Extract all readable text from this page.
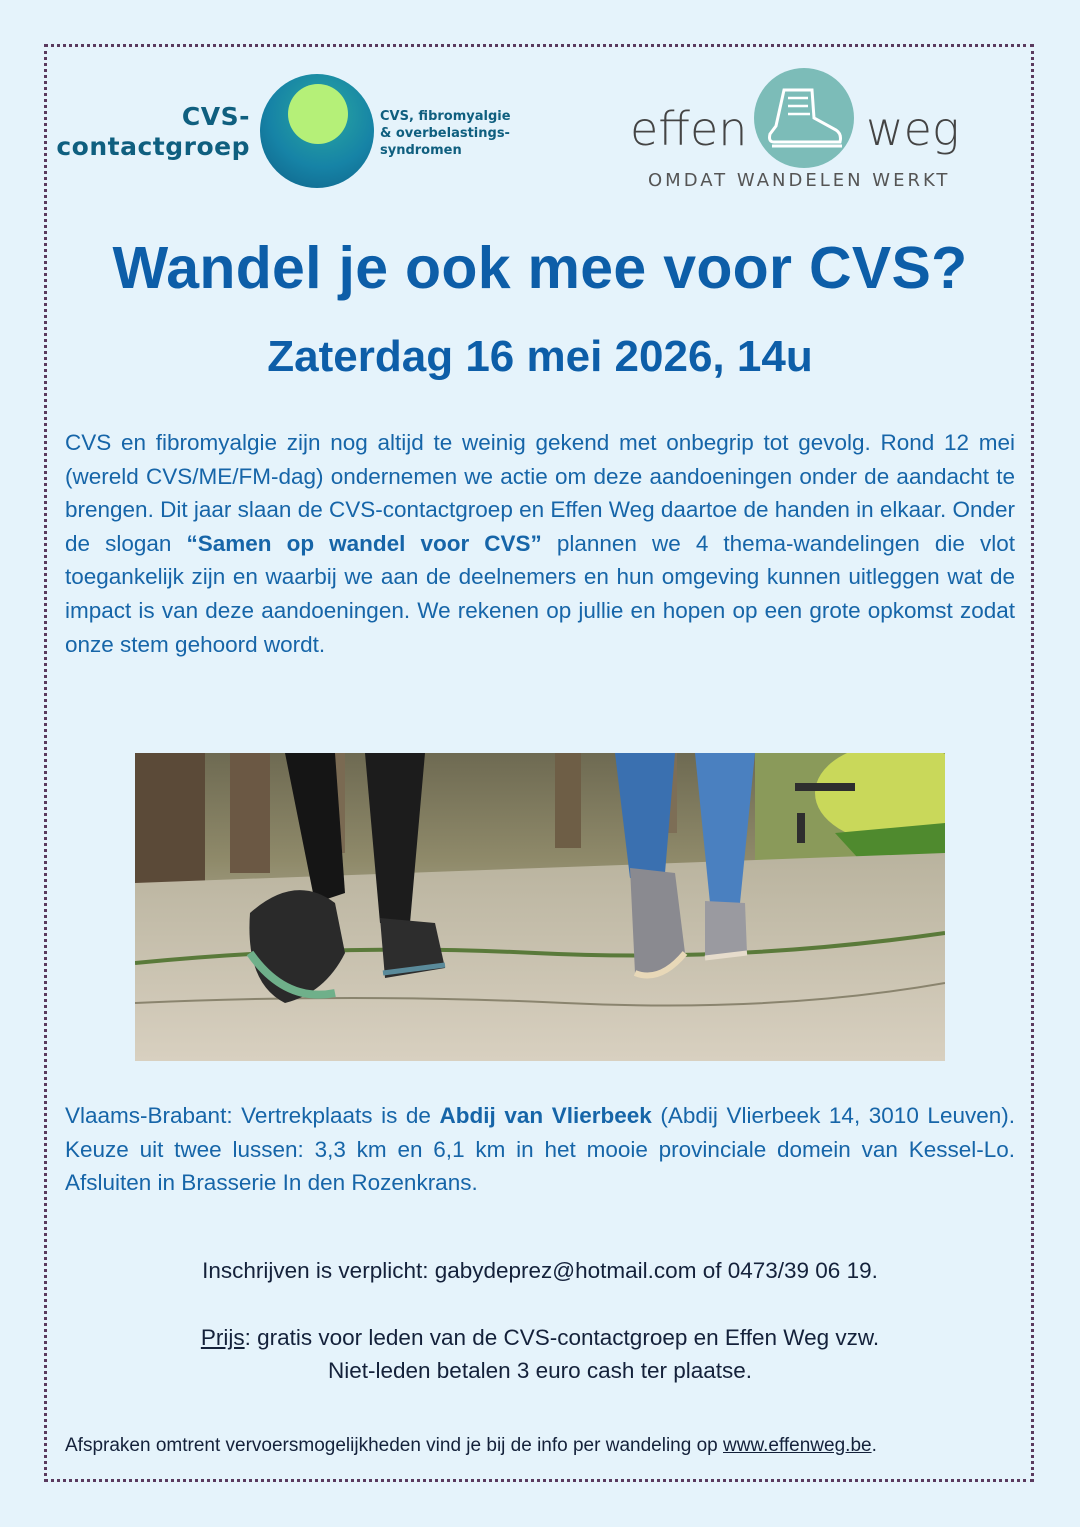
CVS-
contactgroep
CVS, fibromyalgie
& overbelastings-
syndromen	effen	weg
OMDAT WANDELEN WERKT
Wandel je ook mee voor CVS?
Zaterdag 16 mei 2026, 14u

CVS en fibromyalgie zijn nog altijd te weinig gekend met onbegrip tot gevolg. Rond 12 mei (wereld CVS/ME/FM-dag) ondernemen we actie om deze aandoeningen onder de aandacht te brengen. Dit jaar slaan de CVS-contactgroep en Effen Weg daartoe de handen in elkaar. Onder de slogan “Samen op wandel voor CVS” plannen we 4 thema-wandelingen die vlot toegankelijk zijn en waarbij we aan de deelnemers en hun omgeving kunnen uitleggen wat de impact is van deze aandoeningen. We rekenen op jullie en hopen op een grote opkomst zodat onze stem gehoord wordt.

Vlaams-Brabant: Vertrekplaats is de Abdij van Vlierbeek (Abdij Vlierbeek 14, 3010 Leuven). Keuze uit twee lussen: 3,3 km en 6,1 km in het mooie provinciale domein van Kessel-Lo. Afsluiten in Brasserie In den Rozenkrans.

Inschrijven is verplicht: gabydeprez@hotmail.com of 0473/39 06 19.
Prijs: gratis voor leden van de CVS-contactgroep en Effen Weg vzw.
Niet-leden betalen 3 euro cash ter plaatse.
Afspraken omtrent vervoersmogelijkheden vind je bij de info per wandeling op www.effenweg.be.
